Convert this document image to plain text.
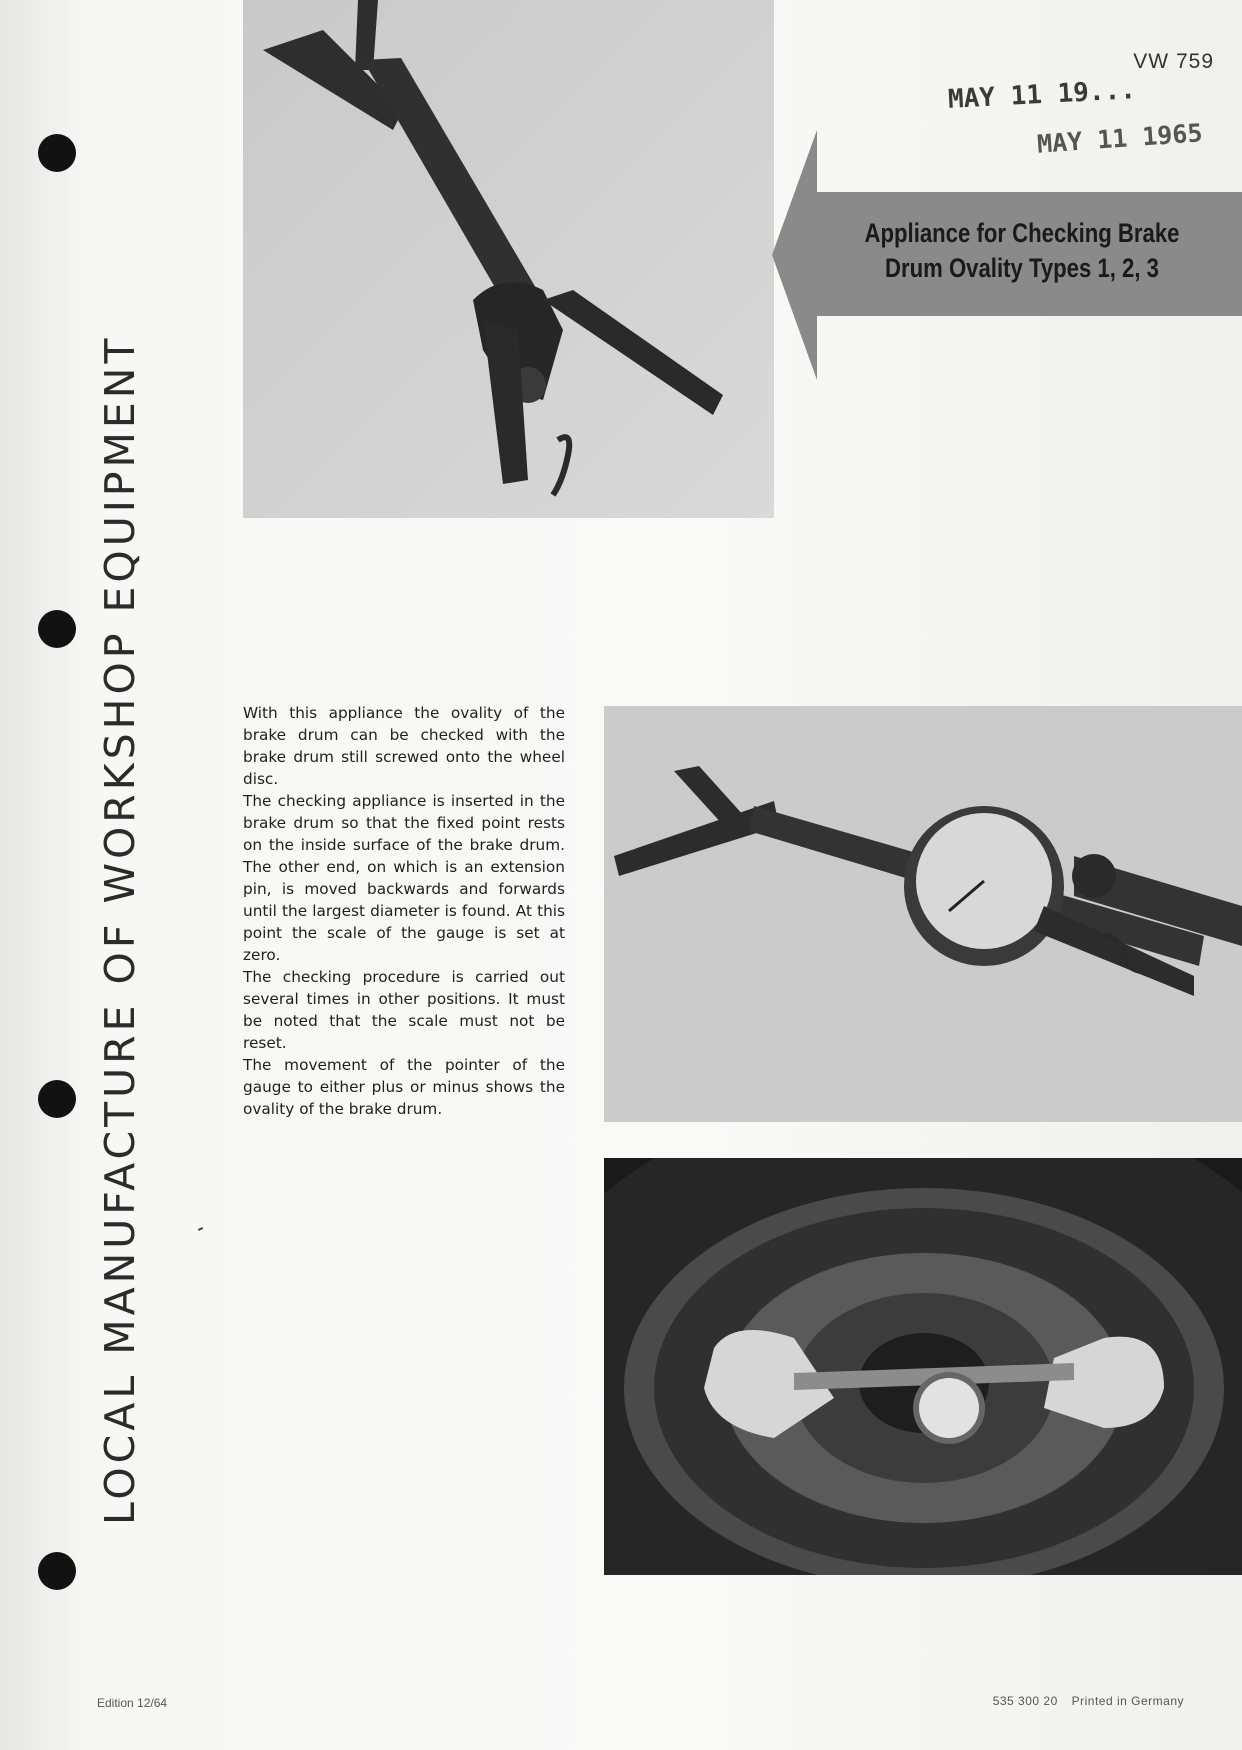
LOCAL MANUFACTURE OF WORKSHOP EQUIPMENT
VW 759
MAY 11 19...
MAY 11 1965
Appliance for Checking Brake Drum Ovality Types 1, 2, 3

With this appliance the ovality of the brake drum can be checked with the brake drum still screwed onto the wheel disc.

The checking appliance is inserted in the brake drum so that the fixed point rests on the inside surface of the brake drum. The other end, on which is an extension pin, is moved backwards and forwards until the largest diameter is found. At this point the scale of the gauge is set at zero.

The checking procedure is carried out several times in other positions. It must be noted that the scale must not be reset.

The movement of the pointer of the gauge to either plus or minus shows the ovality of the brake drum.

Edition 12/64	535 300 20 Printed in Germany
